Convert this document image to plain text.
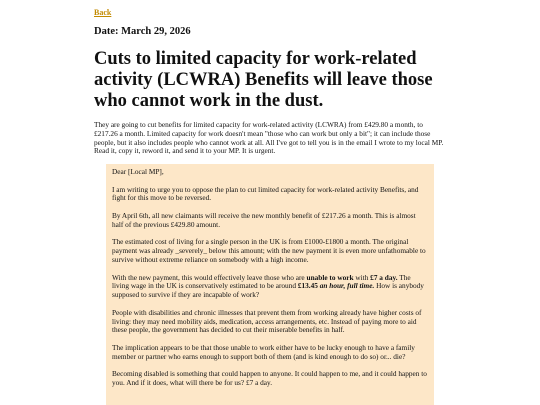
Back
Date: March 29, 2026
Cuts to limited capacity for work-related activity (LCWRA) Benefits will leave those who cannot work in the dust.

They are going to cut benefits for limited capacity for work-related activity (LCWRA) from £429.80 a month, to £217.26 a month. Limited capacity for work doesn't mean "those who can work but only a bit"; it can include those people, but it also includes people who cannot work at all. All I've got to tell you is in the email I wrote to my local MP. Read it, copy it, reword it, and send it to your MP. It is urgent.

Dear [Local MP],

I am writing to urge you to oppose the plan to cut limited capacity for work-related activity Benefits, and fight for this move to be reversed.

By April 6th, all new claimants will receive the new monthly benefit of £217.26 a month. This is almost half of the previous £429.80 amount.

The estimated cost of living for a single person in the UK is from £1000-£1800 a month. The original payment was already _severely_ below this amount; with the new payment it is even more unfathomable to survive without extreme reliance on somebody with a high income.

With the new payment, this would effectively leave those who are unable to work with £7 a day. The living wage in the UK is conservatively estimated to be around £13.45 an hour, full time. How is anybody supposed to survive if they are incapable of work?

People with disabilities and chronic illnesses that prevent them from working already have higher costs of living: they may need mobility aids, medication, access arrangements, etc. Instead of paying more to aid these people, the government has decided to cut their miserable benefits in half.

The implication appears to be that those unable to work either have to be lucky enough to have a family member or partner who earns enough to support both of them (and is kind enough to do so) or... die?

Becoming disabled is something that could happen to anyone. It could happen to me, and it could happen to you. And if it does, what will there be for us? £7 a day.
